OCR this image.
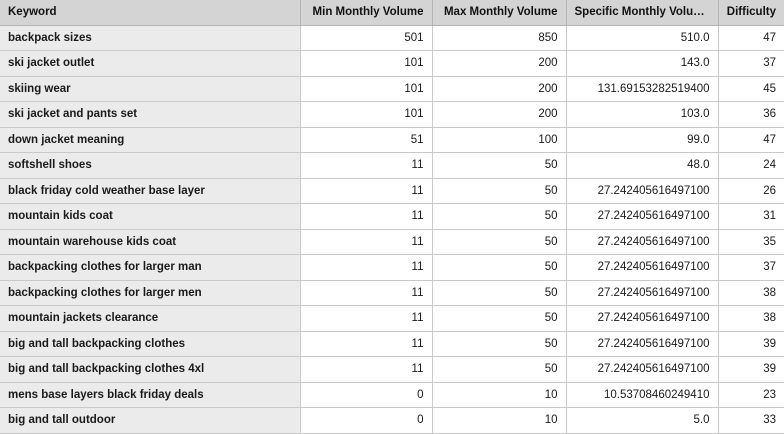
Keyword	Min Monthly Volume	Max Monthly Volume	Specific Monthly Volume	Difficulty
backpack sizes	501	850	510.0	47
ski jacket outlet	101	200	143.0	37
skiing wear	101	200	131.69153282519400	45
ski jacket and pants set	101	200	103.0	36
down jacket meaning	51	100	99.0	47
softshell shoes	11	50	48.0	24
black friday cold weather base layer	11	50	27.242405616497100	26
mountain kids coat	11	50	27.242405616497100	31
mountain warehouse kids coat	11	50	27.242405616497100	35
backpacking clothes for larger man	11	50	27.242405616497100	37
backpacking clothes for larger men	11	50	27.242405616497100	38
mountain jackets clearance	11	50	27.242405616497100	38
big and tall backpacking clothes	11	50	27.242405616497100	39
big and tall backpacking clothes 4xl	11	50	27.242405616497100	39
mens base layers black friday deals	0	10	10.53708460249410	23
big and tall outdoor	0	10	5.0	33
